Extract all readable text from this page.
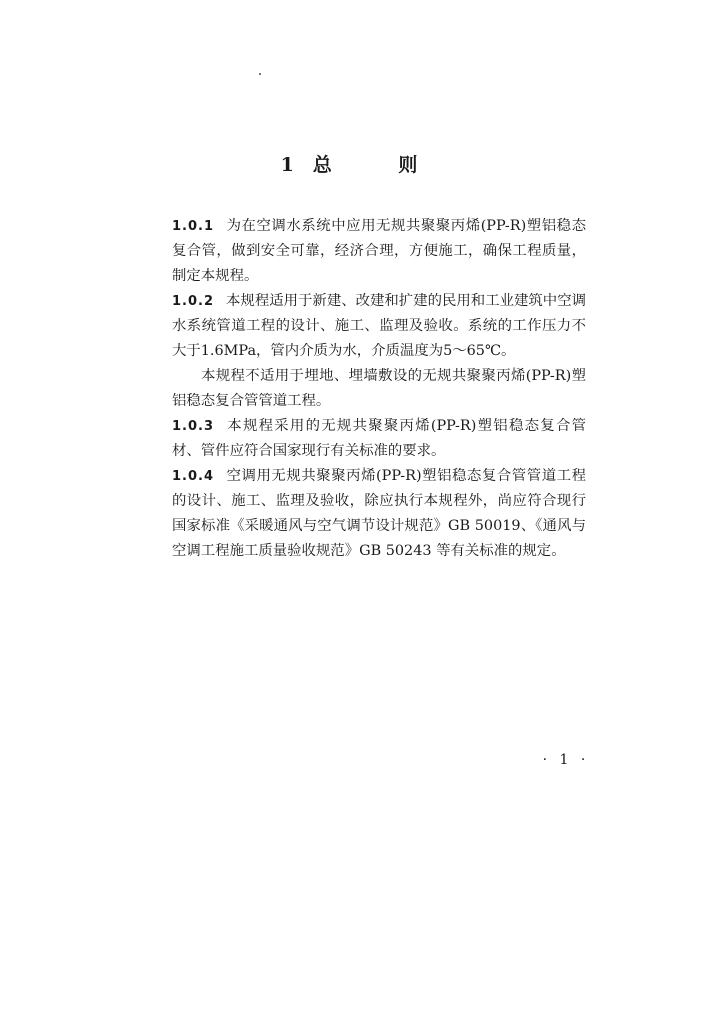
1 总 则

1.0.1 为在空调水系统中应用无规共聚聚丙烯(PP-R)塑铝稳态复合管，做到安全可靠，经济合理，方便施工，确保工程质量，制定本规程。

1.0.2 本规程适用于新建、改建和扩建的民用和工业建筑中空调水系统管道工程的设计、施工、监理及验收。系统的工作压力不大于1.6MPa，管内介质为水，介质温度为5～65℃。

本规程不适用于埋地、埋墙敷设的无规共聚聚丙烯(PP-R)塑铝稳态复合管管道工程。

1.0.3 本规程采用的无规共聚聚丙烯(PP-R)塑铝稳态复合管材、管件应符合国家现行有关标准的要求。

1.0.4 空调用无规共聚聚丙烯(PP-R)塑铝稳态复合管管道工程的设计、施工、监理及验收，除应执行本规程外，尚应符合现行国家标准《采暖通风与空气调节设计规范》GB 50019、《通风与空调工程施工质量验收规范》GB 50243 等有关标准的规定。

· 1 ·
